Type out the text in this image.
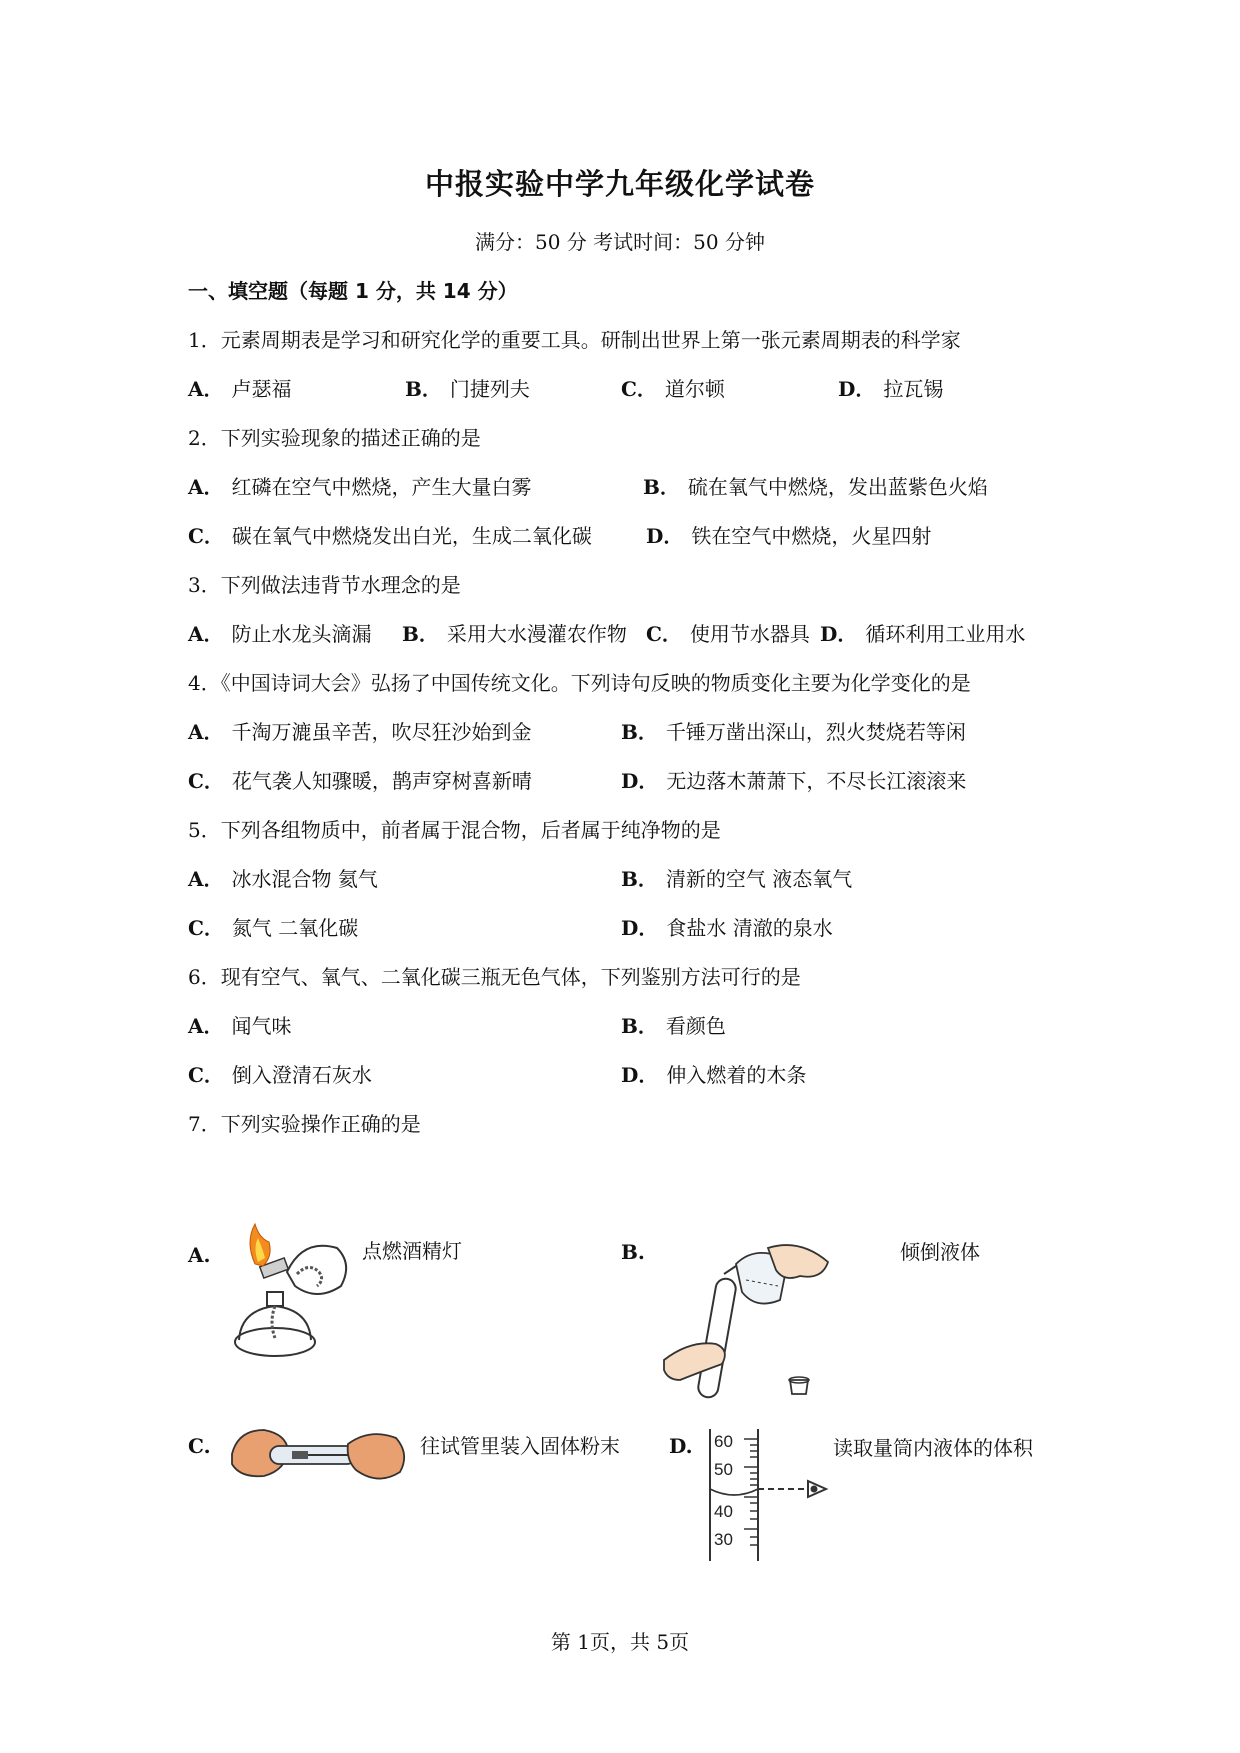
中报实验中学九年级化学试卷
满分：50 分 考试时间：50 分钟
一、填空题（每题 1 分，共 14 分）
1．元素周期表是学习和研究化学的重要工具。研制出世界上第一张元素周期表的科学家
A． 卢瑟福	B． 门捷列夫	C． 道尔顿	D． 拉瓦锡
2．下列实验现象的描述正确的是
A． 红磷在空气中燃烧，产生大量白雾	B． 硫在氧气中燃烧，发出蓝紫色火焰
C． 碳在氧气中燃烧发出白光，生成二氧化碳	D． 铁在空气中燃烧，火星四射
3．下列做法违背节水理念的是
A． 防止水龙头滴漏 B． 采用大水漫灌农作物 C． 使用节水器具 D． 循环利用工业用水
4．《中国诗词大会》弘扬了中国传统文化。下列诗句反映的物质变化主要为化学变化的是
A． 千淘万漉虽辛苦，吹尽狂沙始到金	B． 千锤万凿出深山，烈火焚烧若等闲
C． 花气袭人知骤暖，鹊声穿树喜新晴	D． 无边落木萧萧下，不尽长江滚滚来
5．下列各组物质中，前者属于混合物，后者属于纯净物的是
A． 冰水混合物 氦气	B． 清新的空气 液态氧气
C． 氮气 二氧化碳	D． 食盐水 清澈的泉水
6．现有空气、氧气、二氧化碳三瓶无色气体，下列鉴别方法可行的是
A． 闻气味	B． 看颜色
C． 倒入澄清石灰水	D． 伸入燃着的木条
7．下列实验操作正确的是
A.	点燃酒精灯	B.	倾倒液体
C.	往试管里装入固体粉末 D. 60
50
40
30
读取量筒内液体的体积
第 1页，共 5页
